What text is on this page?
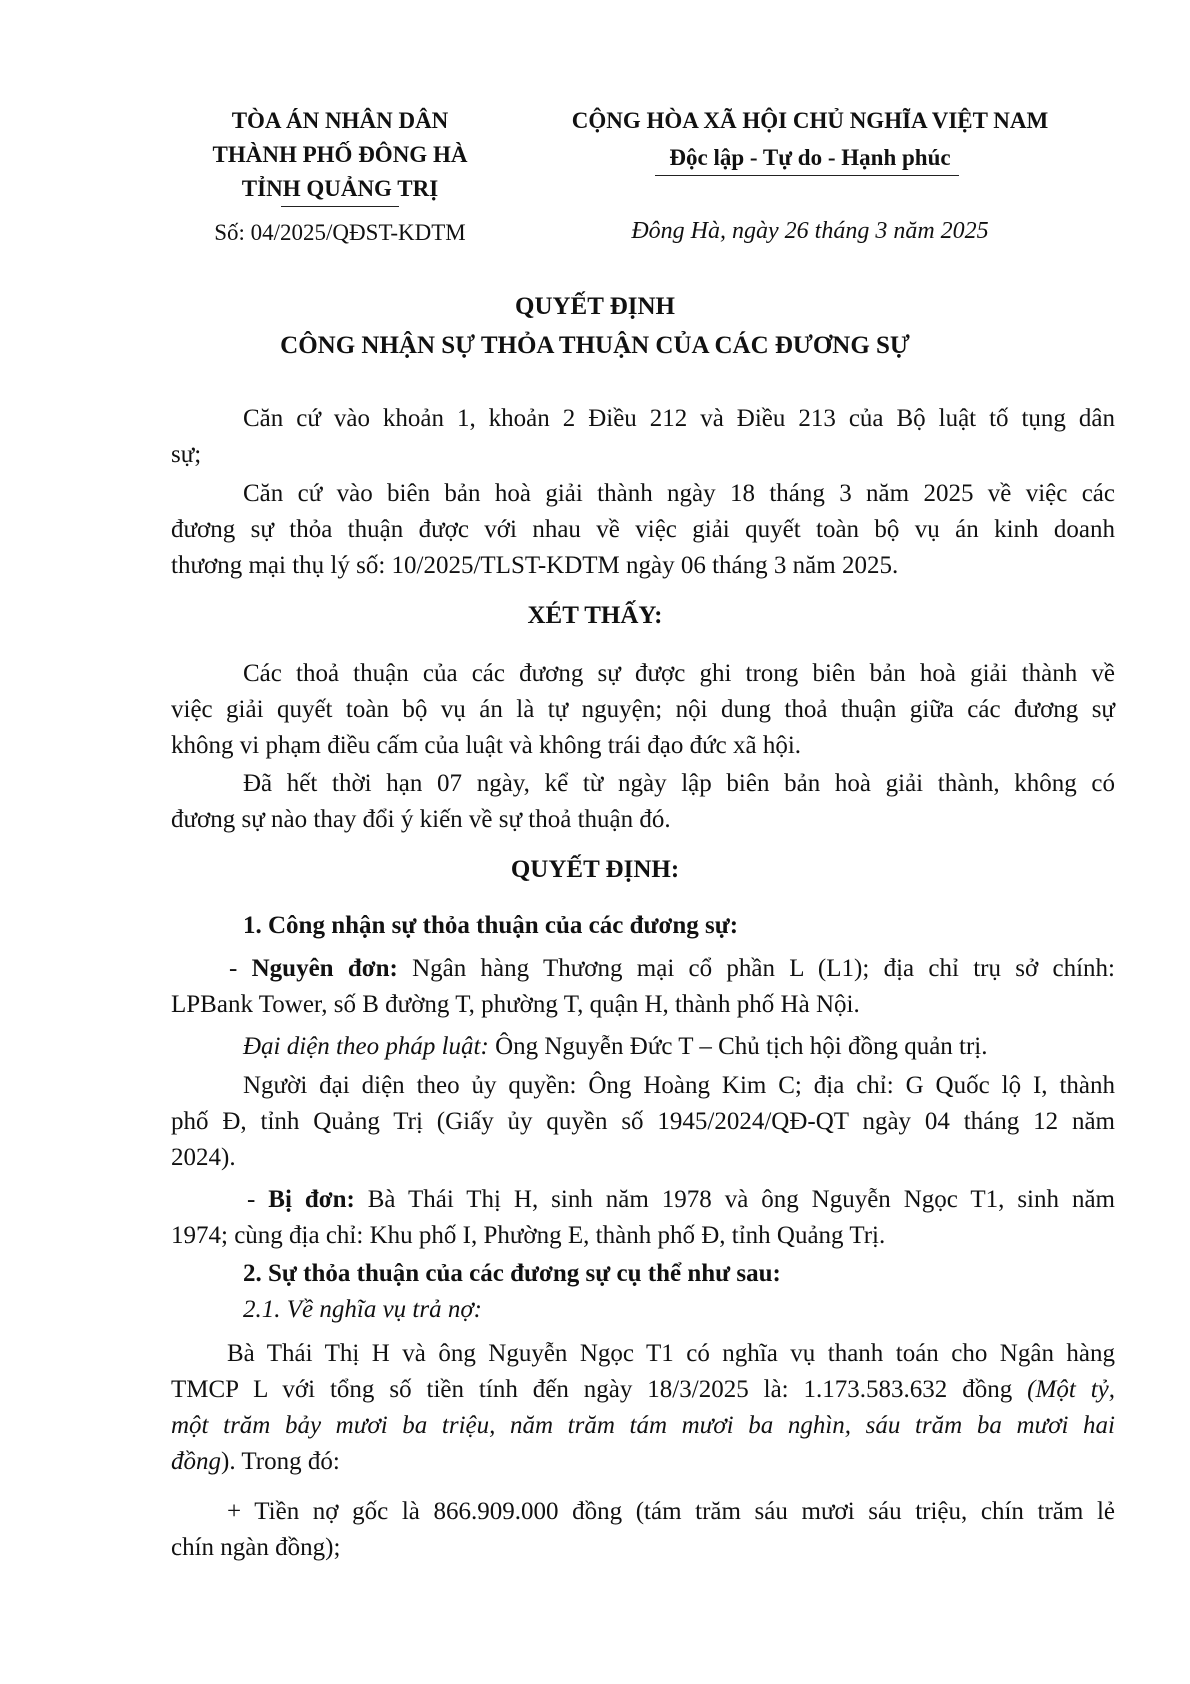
TÒA ÁN NHÂN DÂN
THÀNH PHỐ ĐÔNG HÀ
TỈNH QUẢNG TRỊ
Số: 04/2025/QĐST-KDTM
CỘNG HÒA XÃ HỘI CHỦ NGHĨA VIỆT NAM
Độc lập - Tự do - Hạnh phúc
Đông Hà, ngày 26 tháng 3 năm 2025
QUYẾT ĐỊNH
CÔNG NHẬN SỰ THỎA THUẬN CỦA CÁC ĐƯƠNG SỰ
Căn cứ vào khoản 1, khoản 2 Điều 212 và Điều 213 của Bộ luật tố tụng dân
sự;
Căn cứ vào biên bản hoà giải thành ngày 18 tháng 3 năm 2025 về việc các
đương sự thỏa thuận được với nhau về việc giải quyết toàn bộ vụ án kinh doanh
thương mại thụ lý số: 10/2025/TLST-KDTM ngày 06 tháng 3 năm 2025.
XÉT THẤY:
Các thoả thuận của các đương sự được ghi trong biên bản hoà giải thành về
việc giải quyết toàn bộ vụ án là tự nguyện; nội dung thoả thuận giữa các đương sự
không vi phạm điều cấm của luật và không trái đạo đức xã hội.
Đã hết thời hạn 07 ngày, kể từ ngày lập biên bản hoà giải thành, không có
đương sự nào thay đổi ý kiến về sự thoả thuận đó.
QUYẾT ĐỊNH:
1. Công nhận sự thỏa thuận của các đương sự:
- Nguyên đơn: Ngân hàng Thương mại cổ phần L (L1); địa chỉ trụ sở chính:
LPBank Tower, số B đường T, phường T, quận H, thành phố Hà Nội.
Đại diện theo pháp luật: Ông Nguyễn Đức T – Chủ tịch hội đồng quản trị.
Người đại diện theo ủy quyền: Ông Hoàng Kim C; địa chỉ: G Quốc lộ I, thành
phố Đ, tỉnh Quảng Trị (Giấy ủy quyền số 1945/2024/QĐ-QT ngày 04 tháng 12 năm
2024).
- Bị đơn: Bà Thái Thị H, sinh năm 1978 và ông Nguyễn Ngọc T1, sinh năm
1974; cùng địa chỉ: Khu phố I, Phường E, thành phố Đ, tỉnh Quảng Trị.
2. Sự thỏa thuận của các đương sự cụ thể như sau:
2.1. Về nghĩa vụ trả nợ:
Bà Thái Thị H và ông Nguyễn Ngọc T1 có nghĩa vụ thanh toán cho Ngân hàng
TMCP L với tổng số tiền tính đến ngày 18/3/2025 là: 1.173.583.632 đồng (Một tỷ,
một trăm bảy mươi ba triệu, năm trăm tám mươi ba nghìn, sáu trăm ba mươi hai
đồng). Trong đó:
+ Tiền nợ gốc là 866.909.000 đồng (tám trăm sáu mươi sáu triệu, chín trăm lẻ
chín ngàn đồng);
